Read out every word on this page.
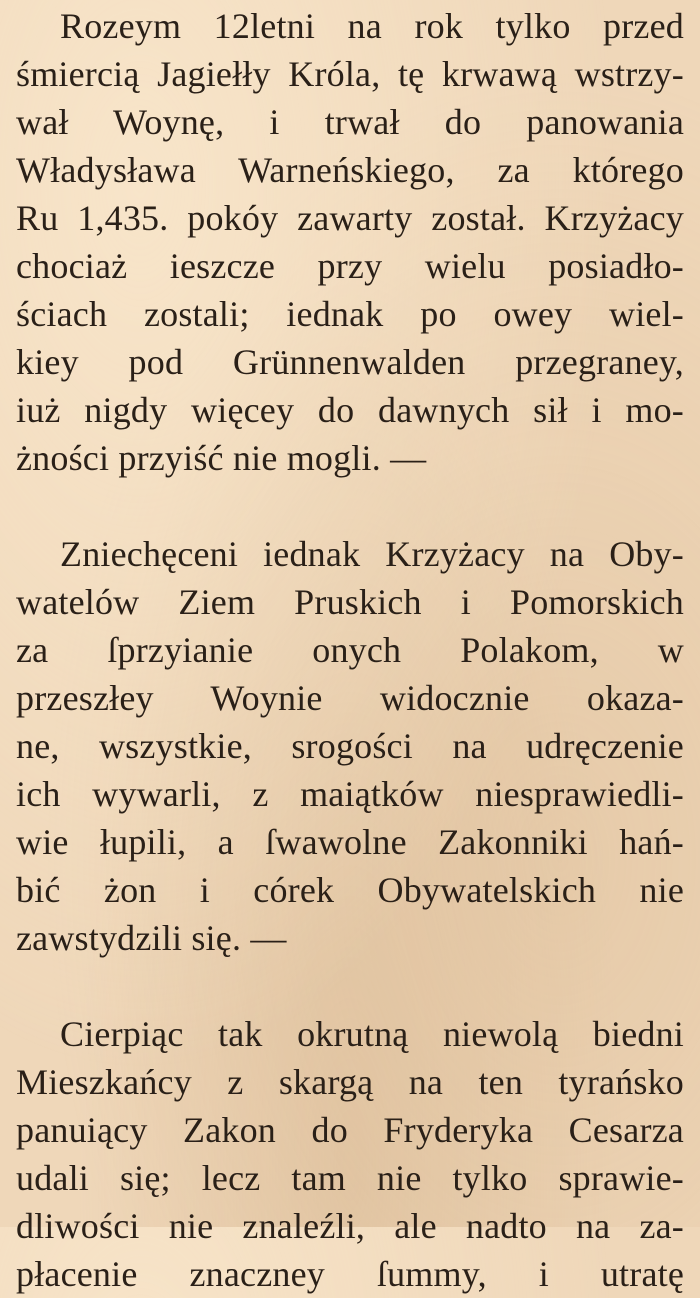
Rozeym 12letni na rok tylko przed
śmiercią Jagiełły Króla, tę krwawą wstrzy-
wał Woynę, i trwał do panowania
Władysława Warneńskiego, za którego
Ru 1,435. pokóy zawarty został. Krzyżacy
chociaż ieszcze przy wielu posiadło-
ściach zostali; iednak po owey wiel-
kiey pod Grünnenwalden przegraney,
iuż nigdy więcey do dawnych sił i mo-
żności przyiść nie mogli. —
Zniechęceni iednak Krzyżacy na Oby-
watelów Ziem Pruskich i Pomorskich
za ſprzyianie onych Polakom, w
przeszłey Woynie widocznie okaza-
ne, wszystkie, srogości na udręczenie
ich wywarli, z maiątków niesprawiedli-
wie łupili, a ſwawolne Zakonniki hań-
bić żon i córek Obywatelskich nie
zawstydzili się. —
Cierpiąc tak okrutną niewolą biedni
Mieszkańcy z skargą na ten tyrańsko
panuiący Zakon do Fryderyka Cesarza
udali się; lecz tam nie tylko sprawie-
dliwości nie znaleźli, ale nadto na za-
płacenie znaczney ſummy, i utratę
